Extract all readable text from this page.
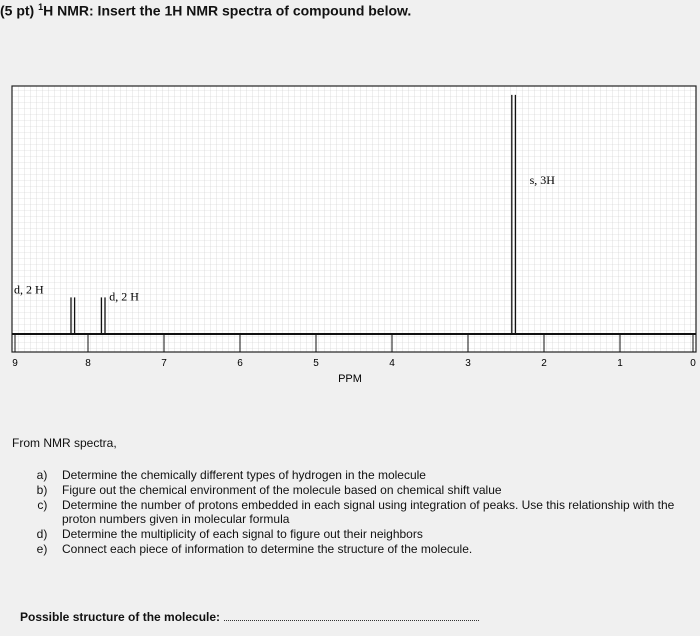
(5 pt) $^1$H NMR: Insert the 1H NMR spectra of compound below.
d, 2 H	d, 2 H
s, 3H
9	8	7	6	5	4	3	2	1	0
PPM

From NMR spectra,

1. Determine the chemically different types of hydrogen in the molecule
2. Figure out the chemical environment of the molecule based on chemical shift value
3. Determine the number of protons embedded in each signal using integration of peaks. Use this relationship with the proton numbers given in molecular formula
4. Determine the multiplicity of each signal to figure out their neighbors
5. Connect each piece of information to determine the structure of the molecule.
Possible structure of the molecule:
